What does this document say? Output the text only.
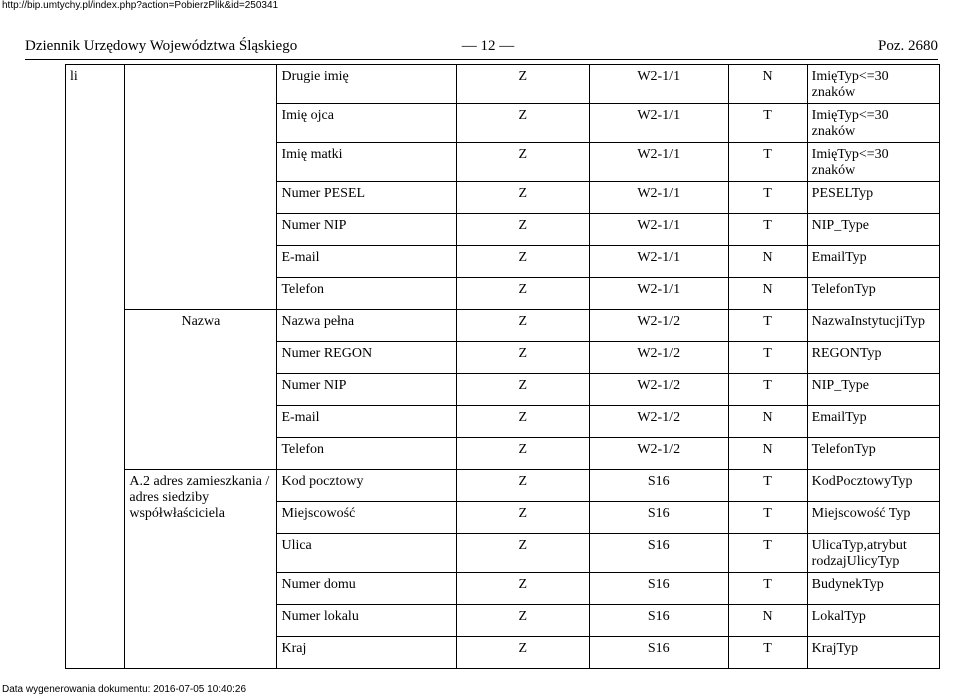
http://bip.umtychy.pl/index.php?action=PobierzPlik&id=250341
Dziennik Urzędowy Województwa Śląskiego	— 12 —	Poz. 2680
li		Drugie imię	Z	W2-1/1	N	ImięTyp<=30 znaków
		Imię ojca	Z	W2-1/1	T	ImięTyp<=30 znaków
		Imię matki	Z	W2-1/1	T	ImięTyp<=30 znaków
		Numer PESEL	Z	W2-1/1	T	PESELTyp
		Numer NIP	Z	W2-1/1	T	NIP_Type
		E-mail	Z	W2-1/1	N	EmailTyp
		Telefon	Z	W2-1/1	N	TelefonTyp
	Nazwa	Nazwa pełna	Z	W2-1/2	T	NazwaInstytucjiTyp
		Numer REGON	Z	W2-1/2	T	REGONTyp
		Numer NIP	Z	W2-1/2	T	NIP_Type
		E-mail	Z	W2-1/2	N	EmailTyp
		Telefon	Z	W2-1/2	N	TelefonTyp
	A.2 adres zamieszkania / adres siedziby współwłaściciela	Kod pocztowy	Z	S16	T	KodPocztowyTyp
		Miejscowość	Z	S16	T	Miejscowość Typ
		Ulica	Z	S16	T	UlicaTyp,atrybut rodzajUlicyTyp
		Numer domu	Z	S16	T	BudynekTyp
		Numer lokalu	Z	S16	N	LokalTyp
		Kraj	Z	S16	T	KrajTyp
Data wygenerowania dokumentu: 2016-07-05 10:40:26
